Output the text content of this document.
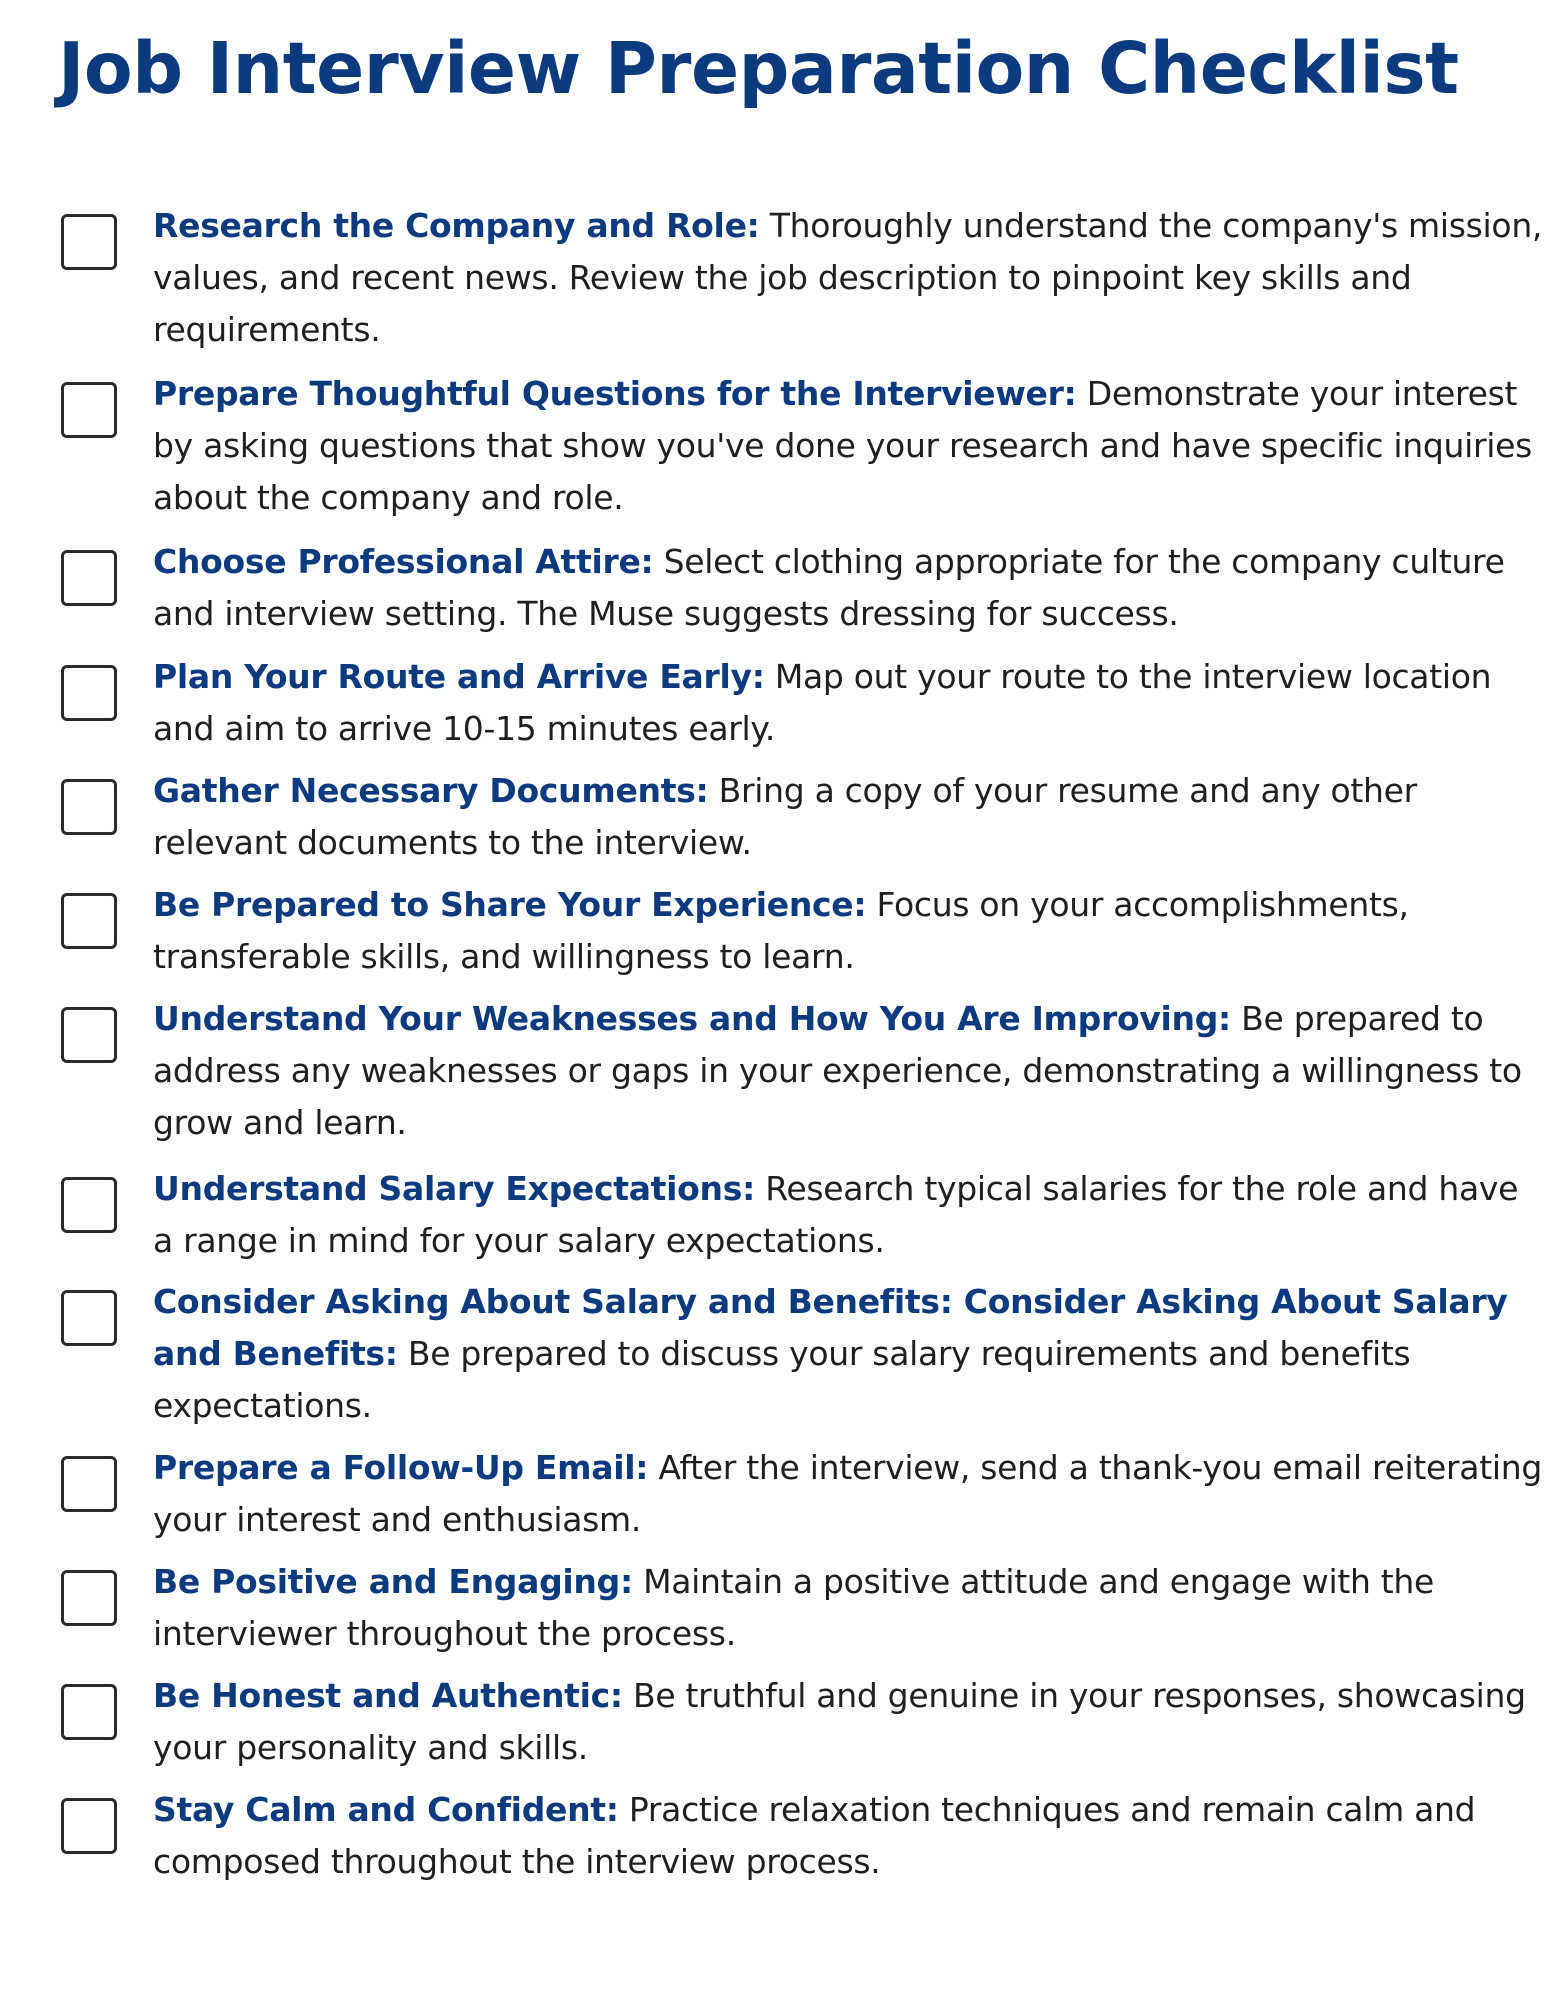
Job Interview Preparation Checklist

Research the Company and Role: Thoroughly understand the company's mission, values, and recent news. Review the job description to pinpoint key skills and requirements.

Prepare Thoughtful Questions for the Interviewer: Demonstrate your interest by asking questions that show you've done your research and have specific inquiries about the company and role.

Choose Professional Attire: Select clothing appropriate for the company culture and interview setting. The Muse suggests dressing for success.

Plan Your Route and Arrive Early: Map out your route to the interview location and aim to arrive 10-15 minutes early.

Gather Necessary Documents: Bring a copy of your resume and any other relevant documents to the interview.

Be Prepared to Share Your Experience: Focus on your accomplishments, transferable skills, and willingness to learn.

Understand Your Weaknesses and How You Are Improving: Be prepared to address any weaknesses or gaps in your experience, demonstrating a willingness to grow and learn.

Understand Salary Expectations: Research typical salaries for the role and have a range in mind for your salary expectations.

Consider Asking About Salary and Benefits: Consider Asking About Salary and Benefits: Be prepared to discuss your salary requirements and benefits expectations.

Prepare a Follow-Up Email: After the interview, send a thank-you email reiterating your interest and enthusiasm.

Be Positive and Engaging: Maintain a positive attitude and engage with the interviewer throughout the process.

Be Honest and Authentic: Be truthful and genuine in your responses, showcasing your personality and skills.

Stay Calm and Confident: Practice relaxation techniques and remain calm and composed throughout the interview process.
